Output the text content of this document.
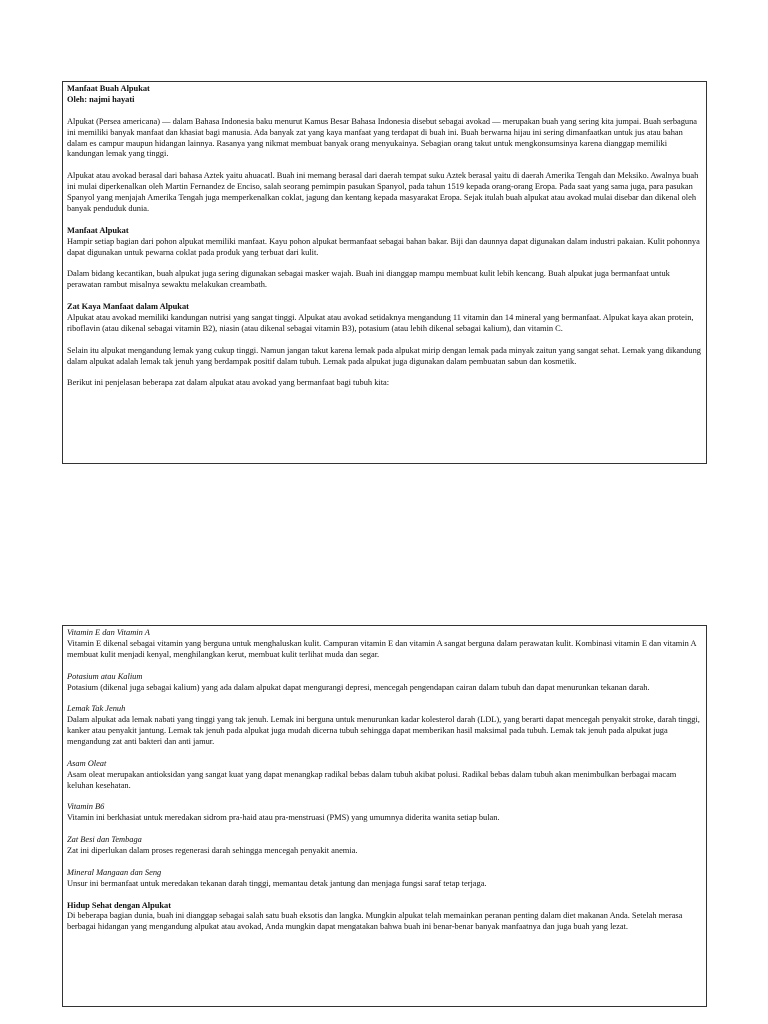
Manfaat Buah Alpukat

Oleh: najmi hayati

Alpukat (Persea americana) — dalam Bahasa Indonesia baku menurut Kamus Besar Bahasa Indonesia disebut sebagai avokad — merupakan buah yang sering kita jumpai. Buah serbaguna ini memiliki banyak manfaat dan khasiat bagi manusia. Ada banyak zat yang kaya manfaat yang terdapat di buah ini. Buah berwarna hijau ini sering dimanfaatkan untuk jus atau bahan dalam es campur maupun hidangan lainnya. Rasanya yang nikmat membuat banyak orang menyukainya. Sebagian orang takut untuk mengkonsumsinya karena dianggap memiliki kandungan lemak yang tinggi.

Alpukat atau avokad berasal dari bahasa Aztek yaitu ahuacatl. Buah ini memang berasal dari daerah tempat suku Aztek berasal yaitu di daerah Amerika Tengah dan Meksiko. Awalnya buah ini mulai diperkenalkan oleh Martin Fernandez de Enciso, salah seorang pemimpin pasukan Spanyol, pada tahun 1519 kepada orang-orang Eropa. Pada saat yang sama juga, para pasukan Spanyol yang menjajah Amerika Tengah juga memperkenalkan coklat, jagung dan kentang kepada masyarakat Eropa. Sejak itulah buah alpukat atau avokad mulai disebar dan dikenal oleh banyak penduduk dunia.

Manfaat Alpukat

Hampir setiap bagian dari pohon alpukat memiliki manfaat. Kayu pohon alpukat bermanfaat sebagai bahan bakar. Biji dan daunnya dapat digunakan dalam industri pakaian. Kulit pohonnya dapat digunakan untuk pewarna coklat pada produk yang terbuat dari kulit.

Dalam bidang kecantikan, buah alpukat juga sering digunakan sebagai masker wajah. Buah ini dianggap mampu membuat kulit lebih kencang. Buah alpukat juga bermanfaat untuk perawatan rambut misalnya sewaktu melakukan creambath.

Zat Kaya Manfaat dalam Alpukat

Alpukat atau avokad memiliki kandungan nutrisi yang sangat tinggi. Alpukat atau avokad setidaknya mengandung 11 vitamin dan 14 mineral yang bermanfaat. Alpukat kaya akan protein, riboflavin (atau dikenal sebagai vitamin B2), niasin (atau dikenal sebagai vitamin B3), potasium (atau lebih dikenal sebagai kalium), dan vitamin C.

Selain itu alpukat mengandung lemak yang cukup tinggi. Namun jangan takut karena lemak pada alpukat mirip dengan lemak pada minyak zaitun yang sangat sehat. Lemak yang dikandung dalam alpukat adalah lemak tak jenuh yang berdampak positif dalam tubuh. Lemak pada alpukat juga digunakan dalam pembuatan sabun dan kosmetik.

Berikut ini penjelasan beberapa zat dalam alpukat atau avokad yang bermanfaat bagi tubuh kita:

Vitamin E dan Vitamin A

Vitamin E dikenal sebagai vitamin yang berguna untuk menghaluskan kulit. Campuran vitamin E dan vitamin A sangat berguna dalam perawatan kulit. Kombinasi vitamin E dan vitamin A membuat kulit menjadi kenyal, menghilangkan kerut, membuat kulit terlihat muda dan segar.

Potasium atau Kalium

Potasium (dikenal juga sebagai kalium) yang ada dalam alpukat dapat mengurangi depresi, mencegah pengendapan cairan dalam tubuh dan dapat menurunkan tekanan darah.

Lemak Tak Jenuh

Dalam alpukat ada lemak nabati yang tinggi yang tak jenuh. Lemak ini berguna untuk menurunkan kadar kolesterol darah (LDL), yang berarti dapat mencegah penyakit stroke, darah tinggi, kanker atau penyakit jantung. Lemak tak jenuh pada alpukat juga mudah dicerna tubuh sehingga dapat memberikan hasil maksimal pada tubuh. Lemak tak jenuh pada alpukat juga mengandung zat anti bakteri dan anti jamur.

Asam Oleat

Asam oleat merupakan antioksidan yang sangat kuat yang dapat menangkap radikal bebas dalam tubuh akibat polusi. Radikal bebas dalam tubuh akan menimbulkan berbagai macam keluhan kesehatan.

Vitamin B6

Vitamin ini berkhasiat untuk meredakan sidrom pra-haid atau pra-menstruasi (PMS) yang umumnya diderita wanita setiap bulan.

Zat Besi dan Tembaga

Zat ini diperlukan dalam proses regenerasi darah sehingga mencegah penyakit anemia.

Mineral Mangaan dan Seng

Unsur ini bermanfaat untuk meredakan tekanan darah tinggi, memantau detak jantung dan menjaga fungsi saraf tetap terjaga.

Hidup Sehat dengan Alpukat

Di beberapa bagian dunia, buah ini dianggap sebagai salah satu buah eksotis dan langka. Mungkin alpukat telah memainkan peranan penting dalam diet makanan Anda. Setelah merasa berbagai hidangan yang mengandung alpukat atau avokad, Anda mungkin dapat mengatakan bahwa buah ini benar-benar banyak manfaatnya dan juga buah yang lezat.
